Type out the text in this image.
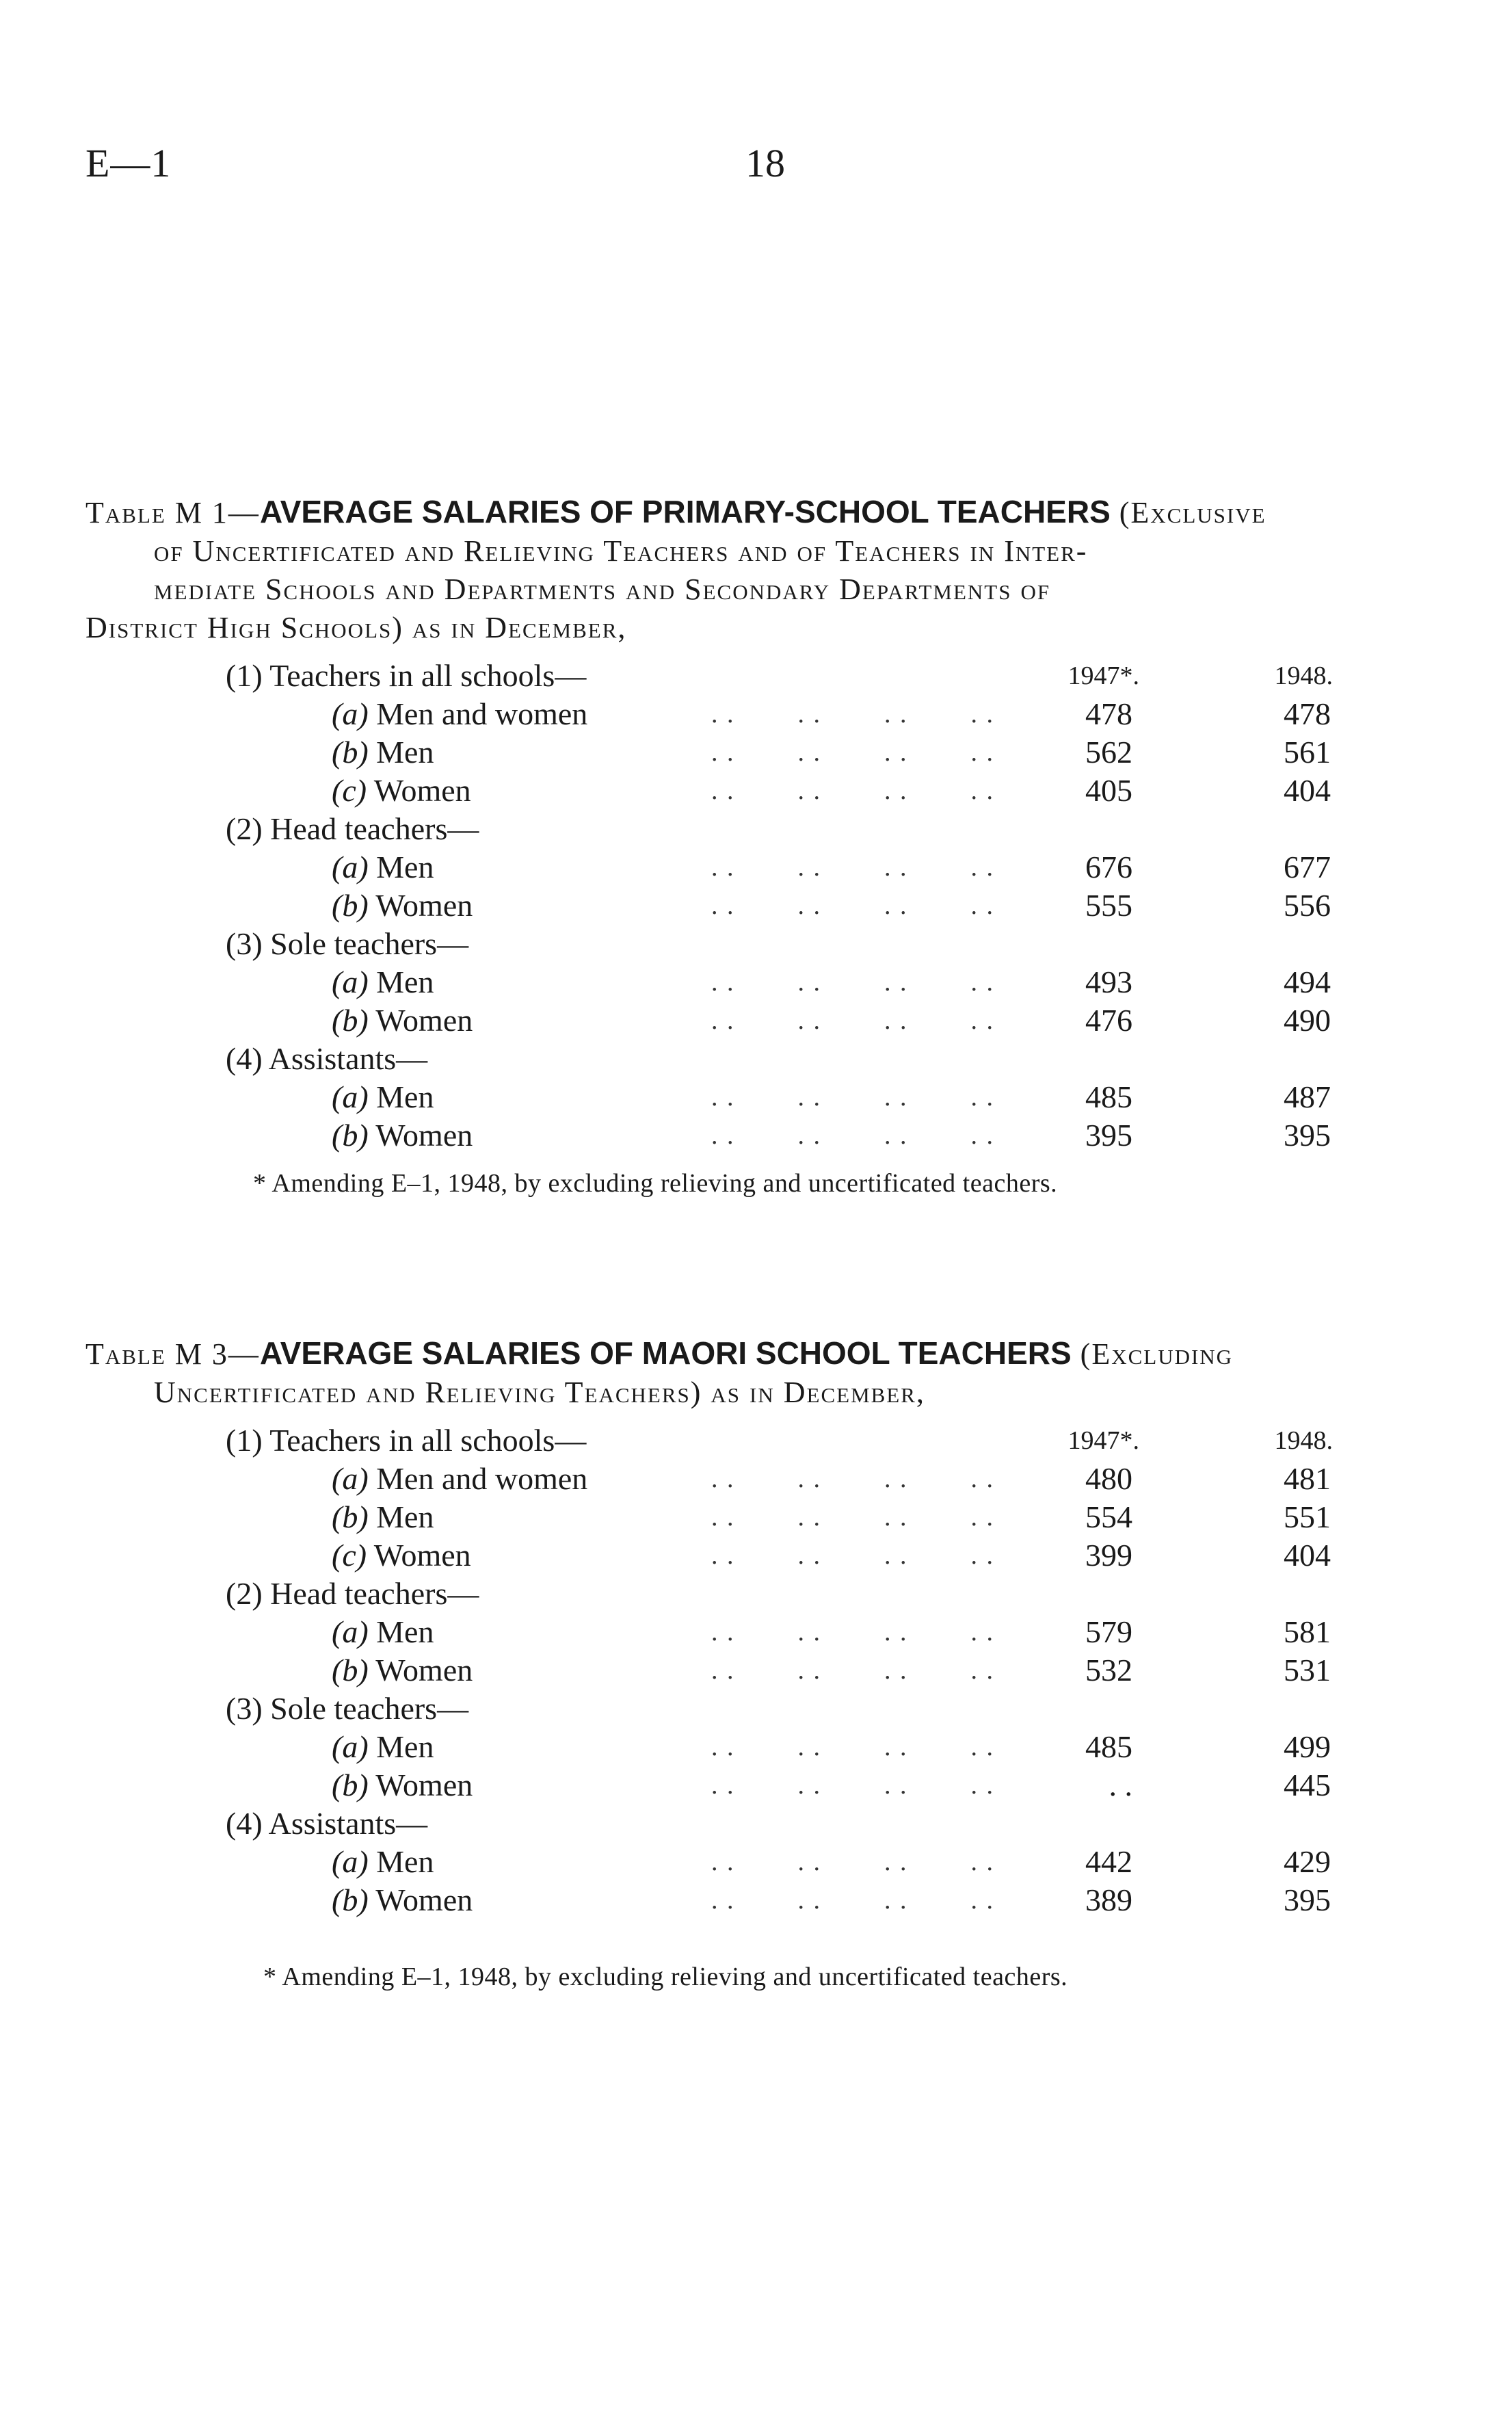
E—1	18
Table M 1—AVERAGE SALARIES OF PRIMARY-SCHOOL TEACHERS (Exclusive
of Uncertificated and Relieving Teachers and of Teachers in Inter-
mediate Schools and Departments and Secondary Departments of
District High Schools) as in December,
(1) Teachers in all schools—	1947*.	1948.
(a) Men and women	. .        . .        . .        . .	478	478
(b) Men	. .        . .        . .        . .	562	561
(c) Women	. .        . .        . .        . .	405	404
(2) Head teachers—
(a) Men	. .        . .        . .        . .	676	677
(b) Women	. .        . .        . .        . .	555	556
(3) Sole teachers—
(a) Men	. .        . .        . .        . .	493	494
(b) Women	. .        . .        . .        . .	476	490
(4) Assistants—
(a) Men	. .        . .        . .        . .	485	487
(b) Women	. .        . .        . .        . .	395	395
* Amending E–1, 1948, by excluding relieving and uncertificated teachers.
Table M 3—AVERAGE SALARIES OF MAORI SCHOOL TEACHERS (Excluding
Uncertificated and Relieving Teachers) as in December,
(1) Teachers in all schools—	1947*.	1948.
(a) Men and women	. .        . .        . .        . .	480	481
(b) Men	. .        . .        . .        . .	554	551
(c) Women	. .        . .        . .        . .	399	404
(2) Head teachers—
(a) Men	. .        . .        . .        . .	579	581
(b) Women	. .        . .        . .        . .	532	531
(3) Sole teachers—
(a) Men	. .        . .        . .        . .	485	499
(b) Women	. .        . .        . .        . .	. .	445
(4) Assistants—
(a) Men	. .        . .        . .        . .	442	429
(b) Women	. .        . .        . .        . .	389	395
* Amending E–1, 1948, by excluding relieving and uncertificated teachers.
